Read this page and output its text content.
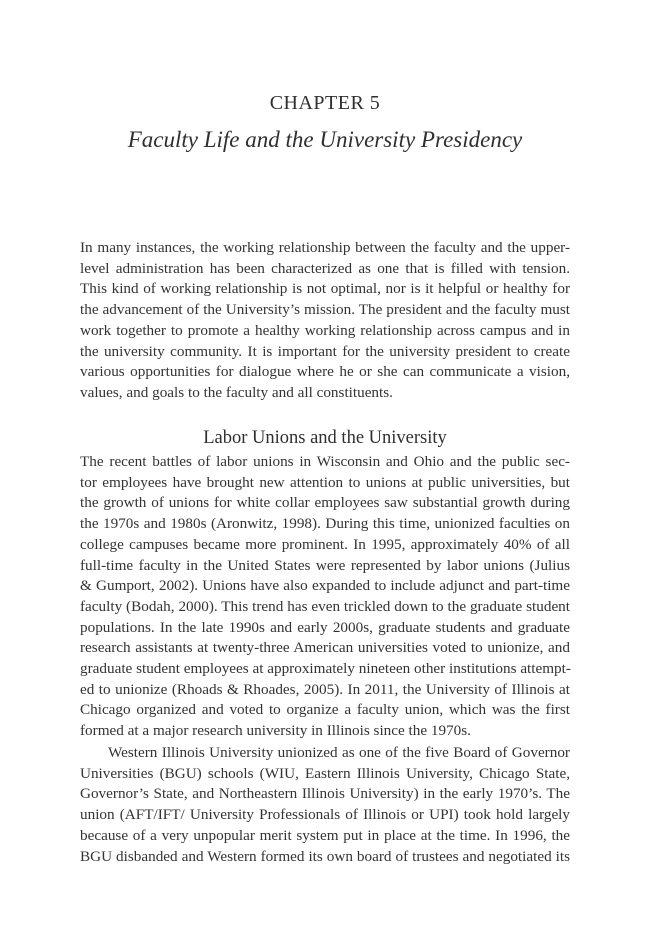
CHAPTER 5
Faculty Life and the University Presidency
In many instances, the working relationship between the faculty and the upper-
level administration has been characterized as one that is filled with tension.
This kind of working relationship is not optimal, nor is it helpful or healthy for
the advancement of the University’s mission. The president and the faculty must
work together to promote a healthy working relationship across campus and in
the university community. It is important for the university president to create
various opportunities for dialogue where he or she can communicate a vision,
values, and goals to the faculty and all constituents.
Labor Unions and the University
The recent battles of labor unions in Wisconsin and Ohio and the public sec-
tor employees have brought new attention to unions at public universities, but
the growth of unions for white collar employees saw substantial growth during
the 1970s and 1980s (Aronwitz, 1998). During this time, unionized faculties on
college campuses became more prominent. In 1995, approximately 40% of all
full-time faculty in the United States were represented by labor unions (Julius
& Gumport, 2002). Unions have also expanded to include adjunct and part-time
faculty (Bodah, 2000). This trend has even trickled down to the graduate student
populations. In the late 1990s and early 2000s, graduate students and graduate
research assistants at twenty-three American universities voted to unionize, and
graduate student employees at approximately nineteen other institutions attempt-
ed to unionize (Rhoads & Rhoades, 2005). In 2011, the University of Illinois at
Chicago organized and voted to organize a faculty union, which was the first
formed at a major research university in Illinois since the 1970s.
Western Illinois University unionized as one of the five Board of Governor
Universities (BGU) schools (WIU, Eastern Illinois University, Chicago State,
Governor’s State, and Northeastern Illinois University) in the early 1970’s. The
union (AFT/IFT/ University Professionals of Illinois or UPI) took hold largely
because of a very unpopular merit system put in place at the time. In 1996, the
BGU disbanded and Western formed its own board of trustees and negotiated its
